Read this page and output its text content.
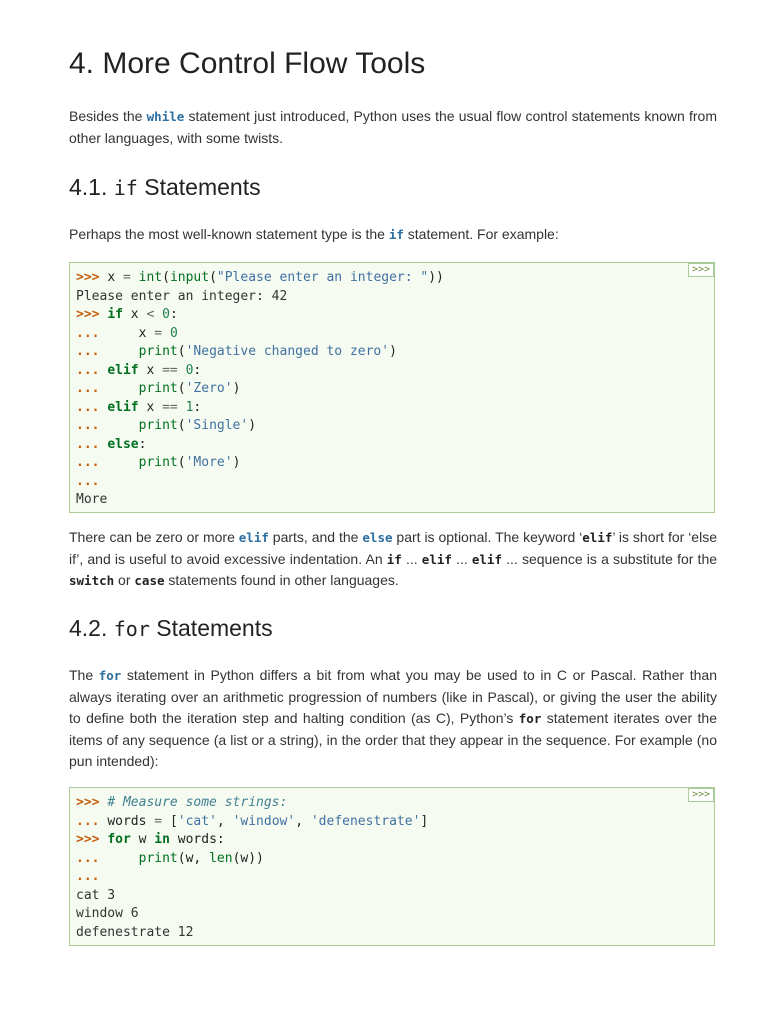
4. More Control Flow Tools

Besides the while statement just introduced, Python uses the usual flow control statements known from other languages, with some twists.

4.1. if Statements

Perhaps the most well-known statement type is the if statement. For example:

>>>
>>> x = int(input("Please enter an integer: "))
Please enter an integer: 42
>>> if x < 0:
...     x = 0
...     print('Negative changed to zero')
... elif x == 0:
...     print('Zero')
... elif x == 1:
...     print('Single')
... else:
...     print('More')
...
More

There can be zero or more elif parts, and the else part is optional. The keyword ‘elif’ is short for ‘else if’, and is useful to avoid excessive indentation. An if ... elif ... elif ... sequence is a substitute for the switch or case statements found in other languages.

4.2. for Statements

The for statement in Python differs a bit from what you may be used to in C or Pascal. Rather than always iterating over an arithmetic progression of numbers (like in Pascal), or giving the user the ability to define both the iteration step and halting condition (as C), Python’s for statement iterates over the items of any sequence (a list or a string), in the order that they appear in the sequence. For example (no pun intended):

>>>
>>> # Measure some strings:
... words = ['cat', 'window', 'defenestrate']
>>> for w in words:
...     print(w, len(w))
...
cat 3
window 6
defenestrate 12
